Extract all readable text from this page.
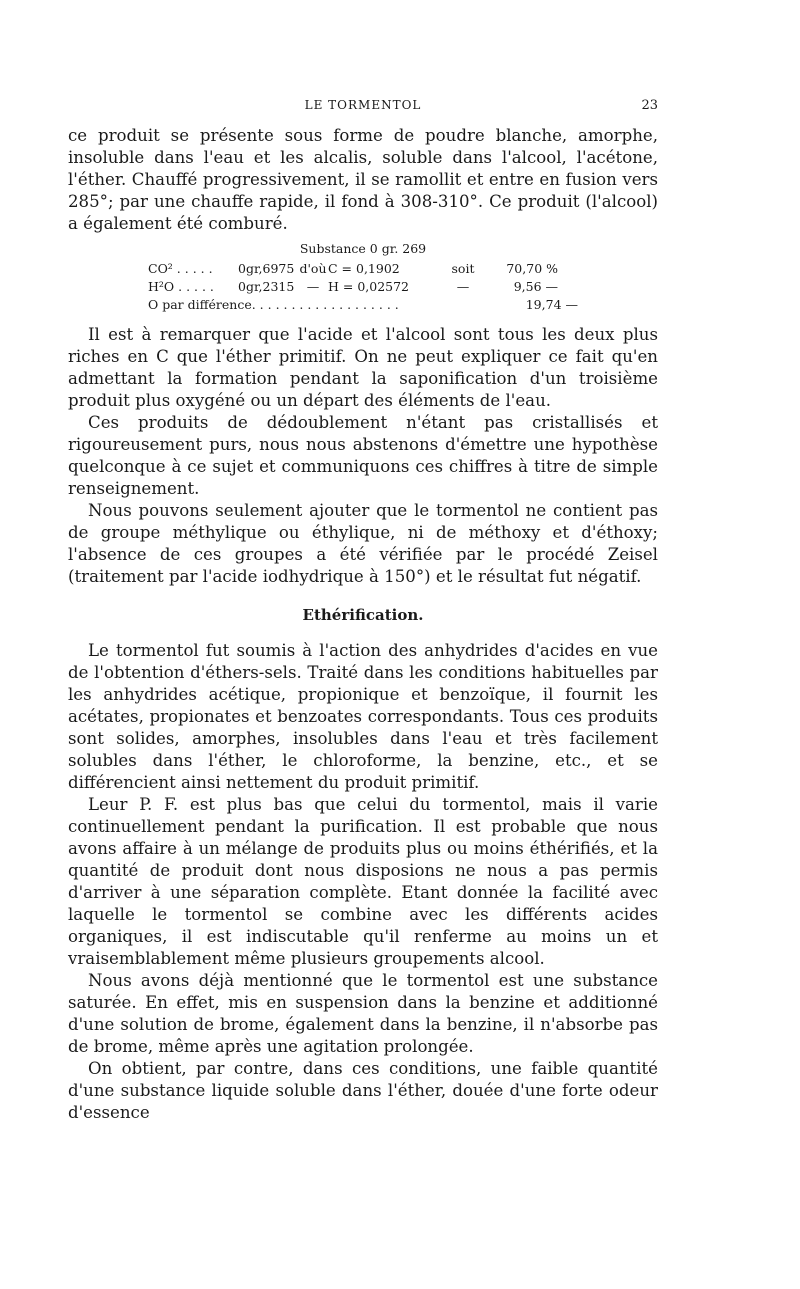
LE TORMENTOL	23

ce produit se présente sous forme de poudre blanche, amorphe, insoluble dans l'eau et les alcalis, soluble dans l'alcool, l'acétone, l'éther. Chauffé progressivement, il se ramollit et entre en fusion vers 285°; par une chauffe rapide, il fond à 308-310°. Ce produit (l'alcool) a également été comburé.

Substance 0 gr. 269
CO² . . . . .	0gr,6975 d'où C = 0,1902	soit	70,70 %
H²O . . . . .	0gr,2315 — H = 0,02572	—	9,56 —
O par différence. . . . . . . . . . . . . . . . . . .	19,74 —

Il est à remarquer que l'acide et l'alcool sont tous les deux plus riches en C que l'éther primitif. On ne peut expliquer ce fait qu'en admettant la formation pendant la saponification d'un troisième produit plus oxygéné ou un départ des éléments de l'eau.

Ces produits de dédoublement n'étant pas cristallisés et rigoureusement purs, nous nous abstenons d'émettre une hypothèse quelconque à ce sujet et communiquons ces chiffres à titre de simple renseignement.

Nous pouvons seulement ajouter que le tormentol ne contient pas de groupe méthylique ou éthylique, ni de méthoxy et d'éthoxy; l'absence de ces groupes a été vérifiée par le procédé Zeisel (traitement par l'acide iodhydrique à 150°) et le résultat fut négatif.

Ethérification.

Le tormentol fut soumis à l'action des anhydrides d'acides en vue de l'obtention d'éthers-sels. Traité dans les conditions habituelles par les anhydrides acétique, propionique et benzoïque, il fournit les acétates, propionates et benzoates correspondants. Tous ces produits sont solides, amorphes, insolubles dans l'eau et très facilement solubles dans l'éther, le chloroforme, la benzine, etc., et se différencient ainsi nettement du produit primitif.

Leur P. F. est plus bas que celui du tormentol, mais il varie continuellement pendant la purification. Il est probable que nous avons affaire à un mélange de produits plus ou moins éthérifiés, et la quantité de produit dont nous disposions ne nous a pas permis d'arriver à une séparation complète. Etant donnée la facilité avec laquelle le tormentol se combine avec les différents acides organiques, il est indiscutable qu'il renferme au moins un et vraisemblablement même plusieurs groupements alcool.

Nous avons déjà mentionné que le tormentol est une substance saturée. En effet, mis en suspension dans la benzine et additionné d'une solution de brome, également dans la benzine, il n'absorbe pas de brome, même après une agitation prolongée.

On obtient, par contre, dans ces conditions, une faible quantité d'une substance liquide soluble dans l'éther, douée d'une forte odeur d'essence
